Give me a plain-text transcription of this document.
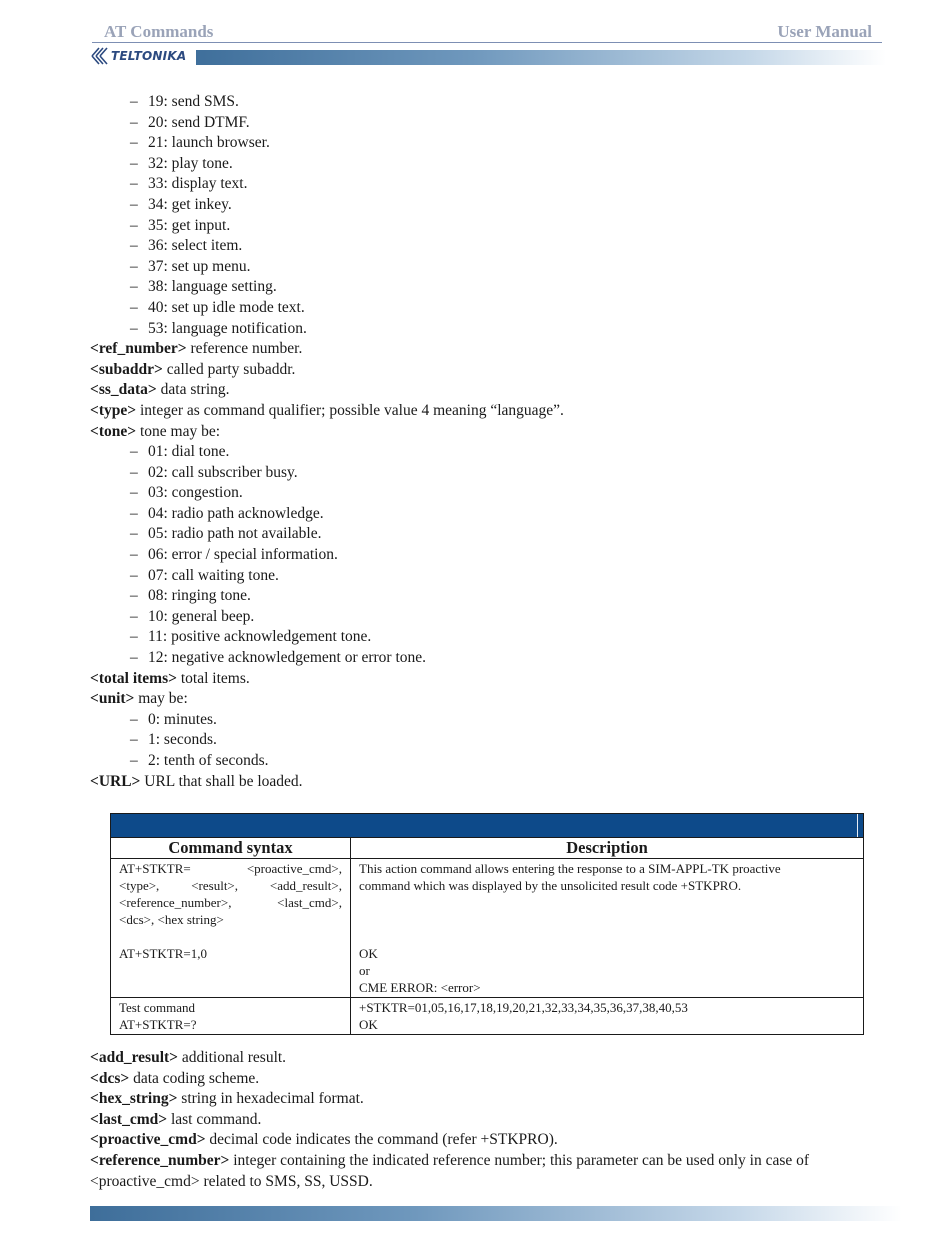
AT Commands	User Manual
TELTONIKA
– 19: send SMS.
– 20: send DTMF.
– 21: launch browser.
– 32: play tone.
– 33: display text.
– 34: get inkey.
– 35: get input.
– 36: select item.
– 37: set up menu.
– 38: language setting.
– 40: set up idle mode text.
– 53: language notification.
<ref_number> reference number.
<subaddr> called party subaddr.
<ss_data> data string.
<type> integer as command qualifier; possible value 4 meaning “language”.
<tone> tone may be:
– 01: dial tone.
– 02: call subscriber busy.
– 03: congestion.
– 04: radio path acknowledge.
– 05: radio path not available.
– 06: error / special information.
– 07: call waiting tone.
– 08: ringing tone.
– 10: general beep.
– 11: positive acknowledgement tone.
– 12: negative acknowledgement or error tone.
<total items> total items.
<unit> may be:
– 0: minutes.
– 1: seconds.
– 2: tenth of seconds.
<URL> URL that shall be loaded.
Command syntax	Description
AT+STKTR= <proactive_cmd>,
<type>, <result>, <add_result>,
<reference_number>, <last_cmd>,
<dcs>, <hex string>
AT+STKTR=1,0
This action command allows entering the response to a SIM-APPL-TK proactive
command which was displayed by the unsolicited result code +STKPRO.
OK
or
CME ERROR: <error>
Test command
AT+STKTR=?
+STKTR=01,05,16,17,18,19,20,21,32,33,34,35,36,37,38,40,53
OK
<add_result> additional result.
<dcs> data coding scheme.
<hex_string> string in hexadecimal format.
<last_cmd> last command.
<proactive_cmd> decimal code indicates the command (refer +STKPRO).
<reference_number> integer containing the indicated reference number; this parameter can be used only in case of <proactive_cmd> related to SMS, SS, USSD.
